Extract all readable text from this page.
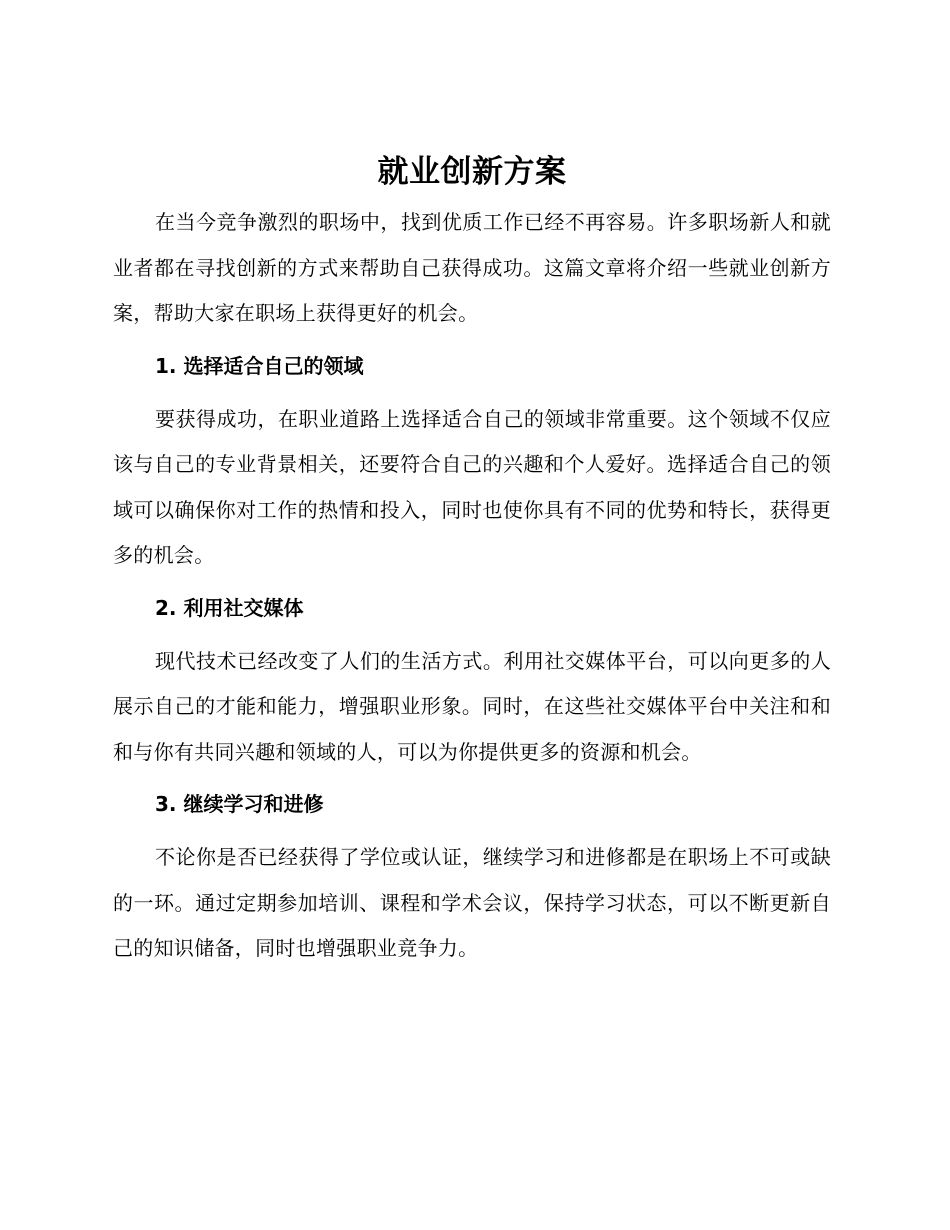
就业创新方案

在当今竞争激烈的职场中，找到优质工作已经不再容易。许多职场新人和就业者都在寻找创新的方式来帮助自己获得成功。这篇文章将介绍一些就业创新方案，帮助大家在职场上获得更好的机会。

1. 选择适合自己的领域

要获得成功，在职业道路上选择适合自己的领域非常重要。这个领域不仅应该与自己的专业背景相关，还要符合自己的兴趣和个人爱好。选择适合自己的领域可以确保你对工作的热情和投入，同时也使你具有不同的优势和特长，获得更多的机会。

2. 利用社交媒体

现代技术已经改变了人们的生活方式。利用社交媒体平台，可以向更多的人展示自己的才能和能力，增强职业形象。同时，在这些社交媒体平台中关注和和和与你有共同兴趣和领域的人，可以为你提供更多的资源和机会。

3. 继续学习和进修

不论你是否已经获得了学位或认证，继续学习和进修都是在职场上不可或缺的一环。通过定期参加培训、课程和学术会议，保持学习状态，可以不断更新自己的知识储备，同时也增强职业竞争力。
